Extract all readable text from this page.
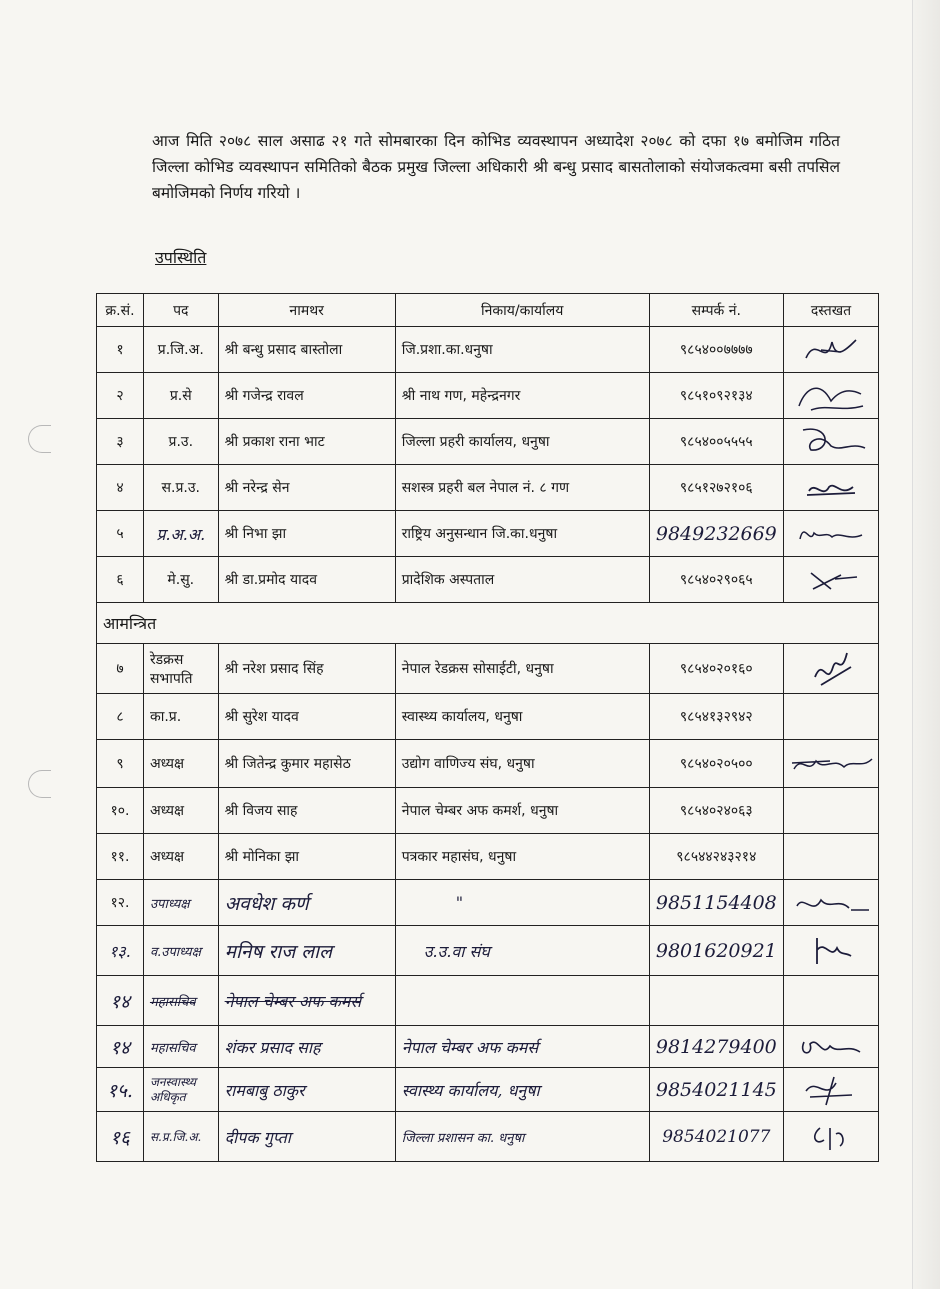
आज मिति २०७८ साल असाढ २१ गते सोमबारका दिन कोभिड व्यवस्थापन अध्यादेश २०७८ को दफा १७ बमोजिम गठित जिल्ला कोभिड व्यवस्थापन समितिको बैठक प्रमुख जिल्ला अधिकारी श्री बन्धु प्रसाद बासतोलाको संयोजकत्वमा बसी तपसिल बमोजिमको निर्णय गरियो ।

उपस्थिति
क्र.सं.	पद	नामथर	निकाय/कार्यालय	सम्पर्क नं.	दस्तखत
१	प्र.जि.अ.	श्री बन्धु प्रसाद बास्तोला	जि.प्रशा.का.धनुषा	९८५४००७७७७	

२	प्र.से	श्री गजेन्द्र रावल	श्री नाथ गण, महेन्द्रनगर	९८५१०९२१३४	

३	प्र.उ.	श्री प्रकाश राना भाट	जिल्ला प्रहरी कार्यालय, धनुषा	९८५४००५५५५	

४	स.प्र.उ.	श्री नरेन्द्र सेन	सशस्त्र प्रहरी बल नेपाल नं. ८ गण	९८५१२७२१०६	

५	प्र.अ.अ.	श्री निभा झा	राष्ट्रिय अनुसन्धान जि.का.धनुषा	9849232669	

६	मे.सु.	श्री डा.प्रमोद यादव	प्रादेशिक अस्पताल	९८५४०२९०६५	

आमन्त्रित					
७	रेडक्रस सभापति	श्री नरेश प्रसाद सिंह	नेपाल रेडक्रस सोसाईटी, धनुषा	९८५४०२०१६०	

८	का.प्र.	श्री सुरेश यादव	स्वास्थ्य कार्यालय, धनुषा	९८५४१३२९४२	
९	अध्यक्ष	श्री जितेन्द्र कुमार महासेठ	उद्योग वाणिज्य संघ, धनुषा	९८५४०२०५००	

१०.	अध्यक्ष	श्री विजय साह	नेपाल चेम्बर अफ कमर्श, धनुषा	९८५४०२४०६३	
११.	अध्यक्ष	श्री मोनिका झा	पत्रकार महासंघ, धनुषा	९८५४४२४३२१४	
१२.	उपाध्यक्ष	अवधेश कर्ण	"	9851154408	

१३.	व.उपाध्यक्ष	मनिष राज लाल	उ.उ.वा संघ	9801620921	

१४	महासचिव	नेपाल चेम्बर अफ कमर्स			
१४	महासचिव	शंकर प्रसाद साह	नेपाल चेम्बर अफ कमर्स	9814279400	

१५.	जनस्वास्थ्य अधिकृत	रामबाबु ठाकुर	स्वास्थ्य कार्यालय, धनुषा	9854021145	

१६	स.प्र.जि.अ.	दीपक गुप्ता	जिल्ला प्रशासन का. धनुषा	9854021077	
